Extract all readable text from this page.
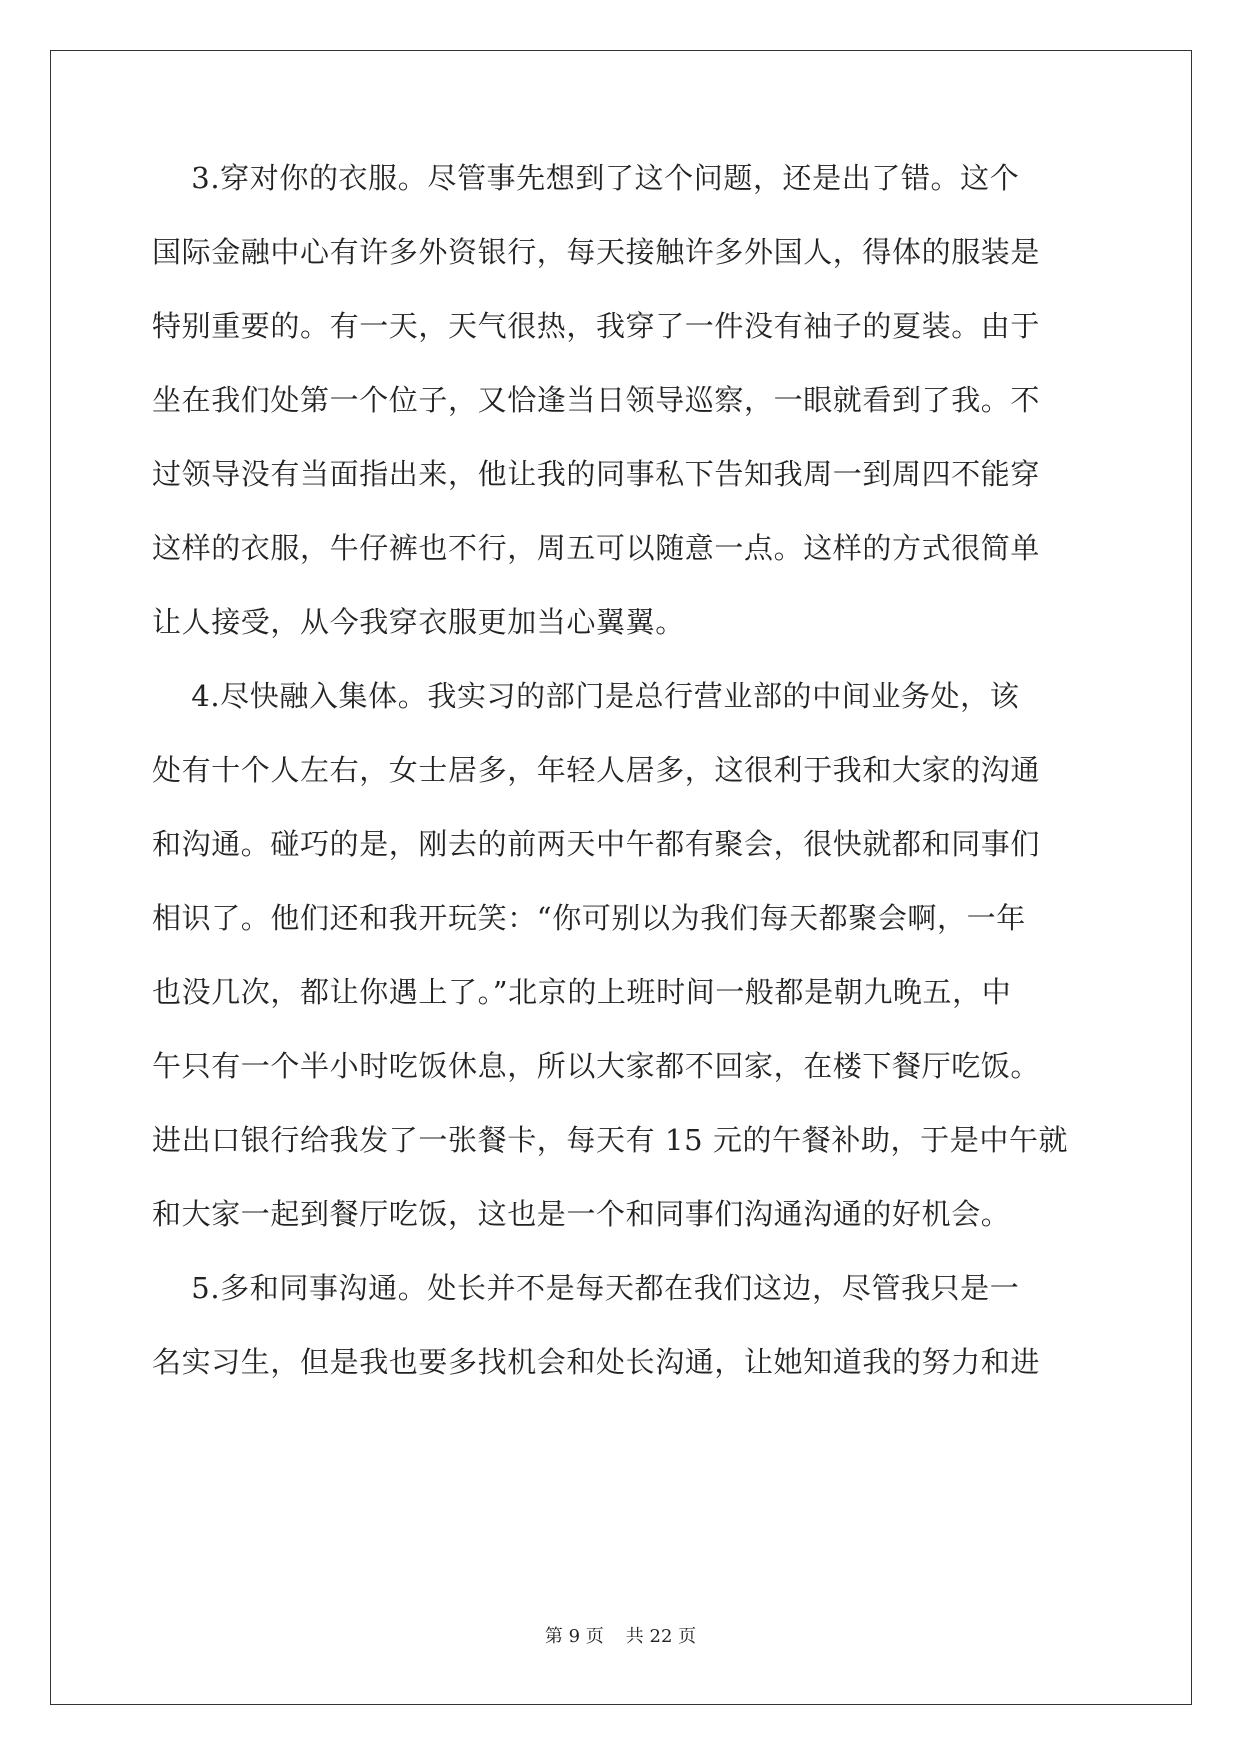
3.穿对你的衣服。尽管事先想到了这个问题，还是出了错。这个
国际金融中心有许多外资银行，每天接触许多外国人，得体的服装是
特别重要的。有一天，天气很热，我穿了一件没有袖子的夏装。由于
坐在我们处第一个位子，又恰逢当日领导巡察，一眼就看到了我。不
过领导没有当面指出来，他让我的同事私下告知我周一到周四不能穿
这样的衣服，牛仔裤也不行，周五可以随意一点。这样的方式很简单
让人接受，从今我穿衣服更加当心翼翼。
4.尽快融入集体。我实习的部门是总行营业部的中间业务处，该
处有十个人左右，女士居多，年轻人居多，这很利于我和大家的沟通
和沟通。碰巧的是，刚去的前两天中午都有聚会，很快就都和同事们
相识了。他们还和我开玩笑：“你可别以为我们每天都聚会啊，一年
也没几次，都让你遇上了。”北京的上班时间一般都是朝九晚五，中
午只有一个半小时吃饭休息，所以大家都不回家，在楼下餐厅吃饭。
进出口银行给我发了一张餐卡，每天有 15 元的午餐补助，于是中午就
和大家一起到餐厅吃饭，这也是一个和同事们沟通沟通的好机会。
5.多和同事沟通。处长并不是每天都在我们这边，尽管我只是一
名实习生，但是我也要多找机会和处长沟通，让她知道我的努力和进
第 9 页 共 22 页
